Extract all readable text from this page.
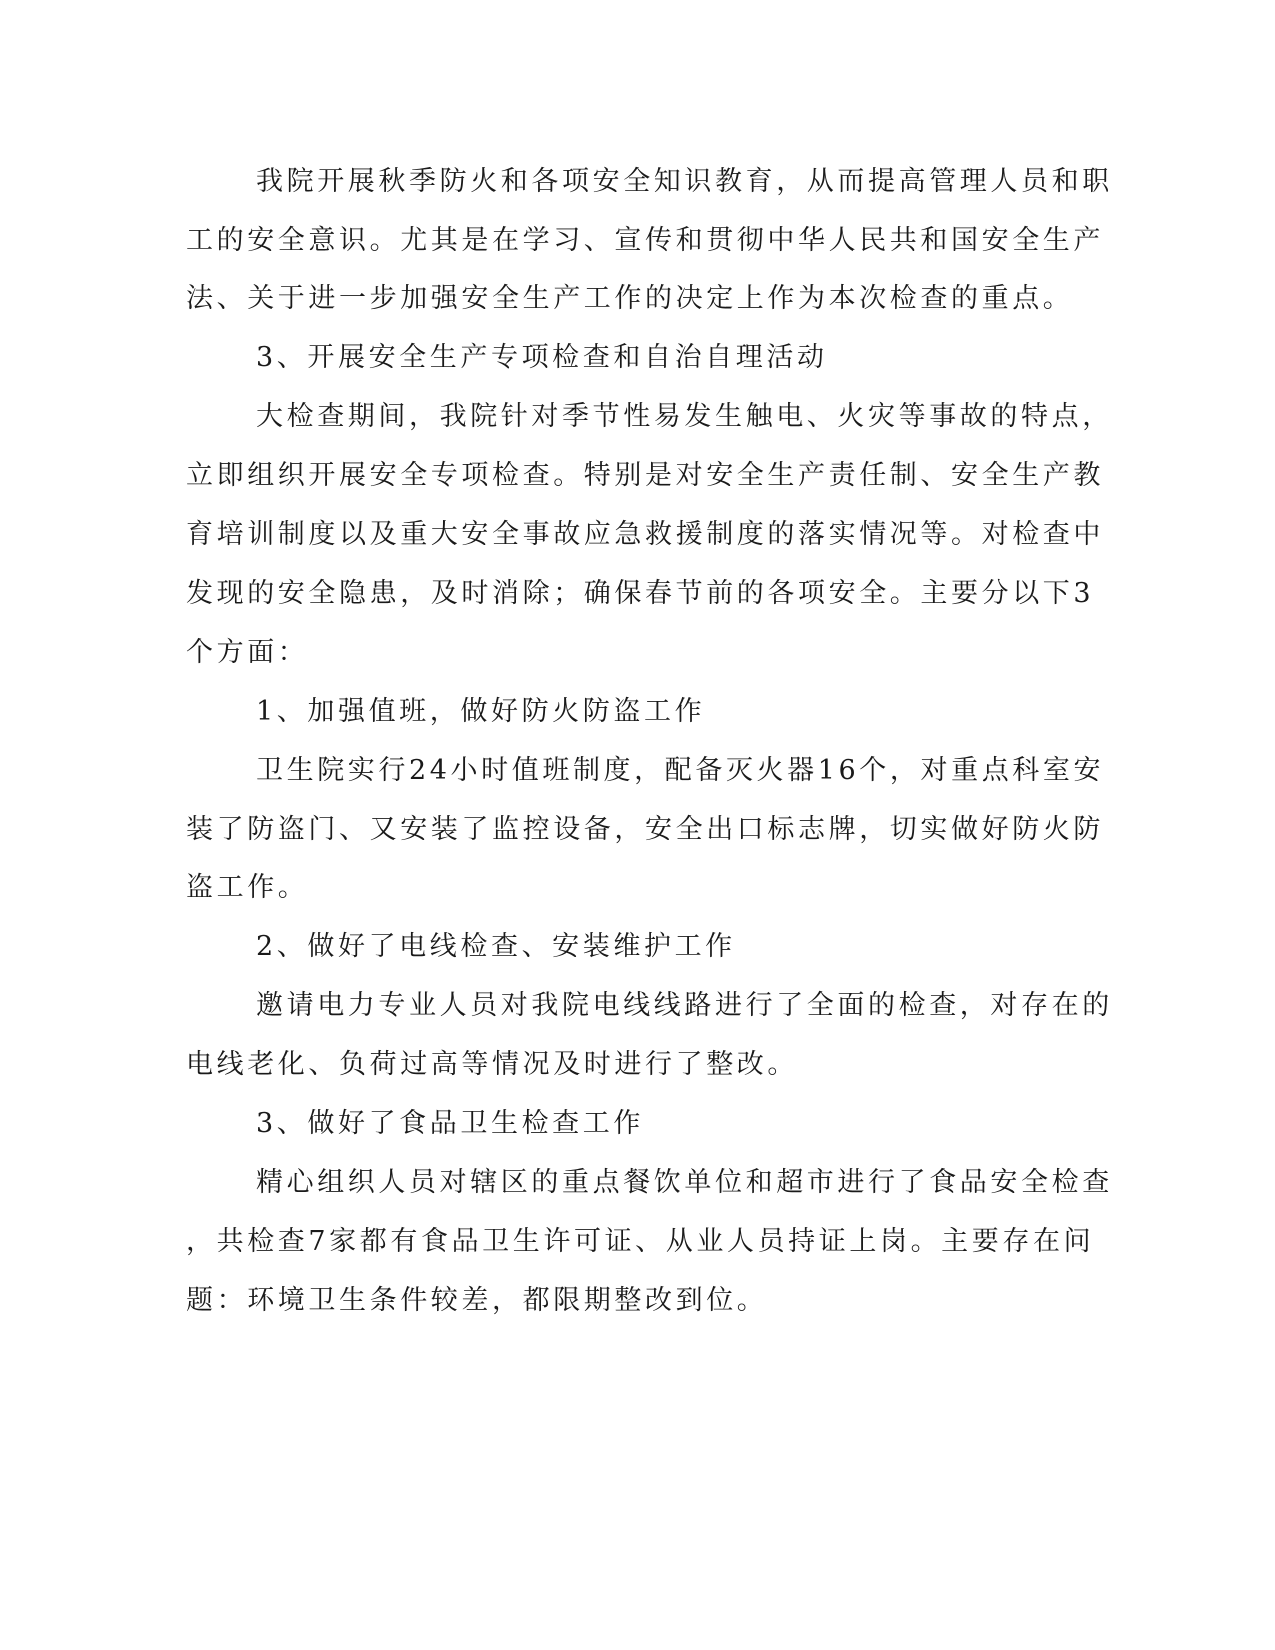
我院开展秋季防火和各项安全知识教育，从而提高管理人员和职
工的安全意识。尤其是在学习、宣传和贯彻中华人民共和国安全生产
法、关于进一步加强安全生产工作的决定上作为本次检查的重点。
3、开展安全生产专项检查和自治自理活动
大检查期间，我院针对季节性易发生触电、火灾等事故的特点，
立即组织开展安全专项检查。特别是对安全生产责任制、安全生产教
育培训制度以及重大安全事故应急救援制度的落实情况等。对检查中
发现的安全隐患，及时消除；确保春节前的各项安全。主要分以下3
个方面：
1、加强值班，做好防火防盗工作
卫生院实行24小时值班制度，配备灭火器16个，对重点科室安
装了防盗门、又安装了监控设备，安全出口标志牌，切实做好防火防
盗工作。
2、做好了电线检查、安装维护工作
邀请电力专业人员对我院电线线路进行了全面的检查，对存在的
电线老化、负荷过高等情况及时进行了整改。
3、做好了食品卫生检查工作
精心组织人员对辖区的重点餐饮单位和超市进行了食品安全检查
，共检查7家都有食品卫生许可证、从业人员持证上岗。主要存在问
题：环境卫生条件较差，都限期整改到位。
